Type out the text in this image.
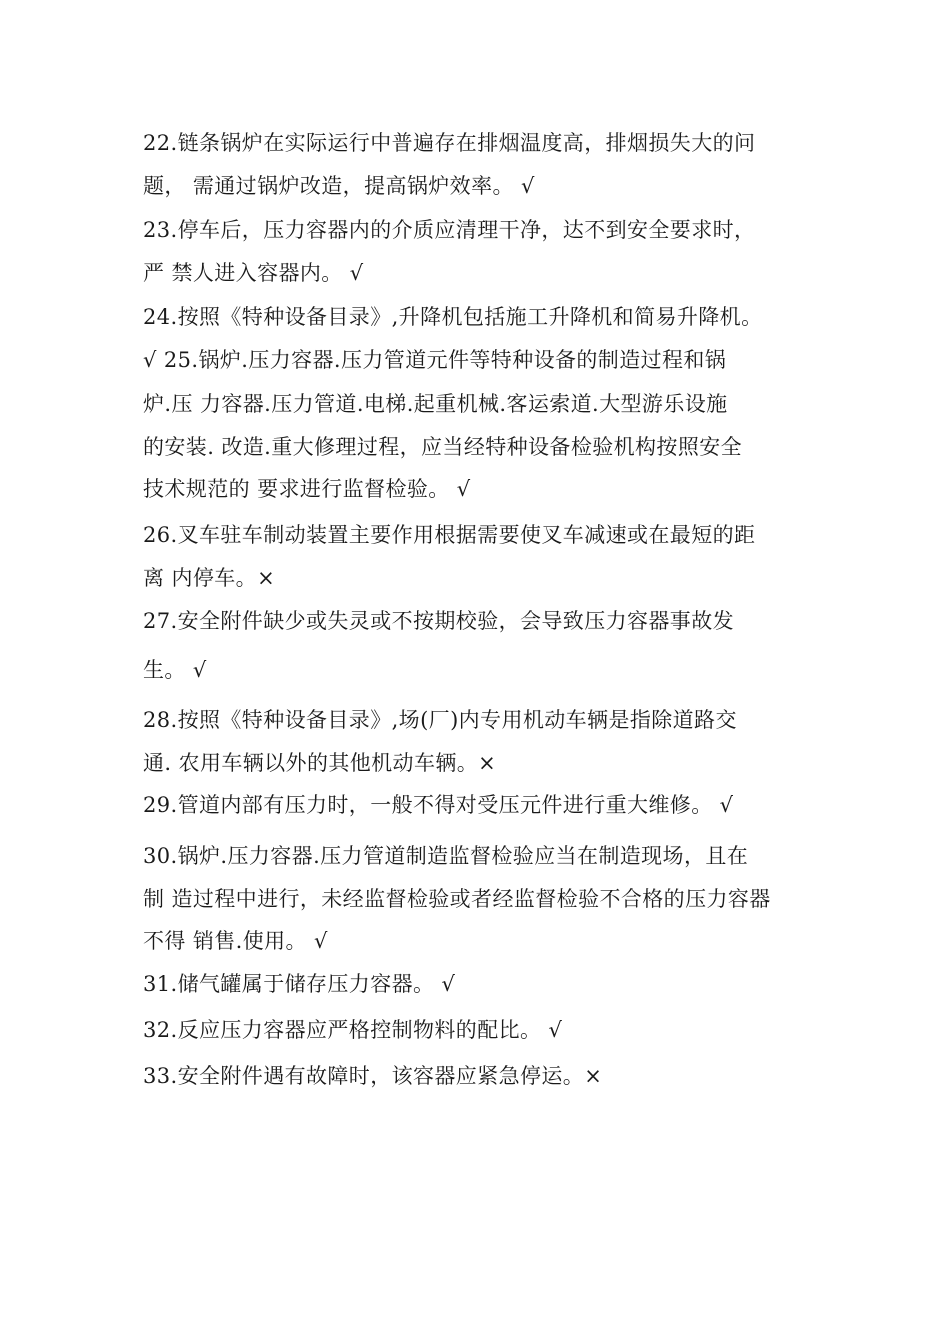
22.链条锅炉在实际运行中普遍存在排烟温度高，排烟损失大的问
题， 需通过锅炉改造，提高锅炉效率。 √
23.停车后，压力容器内的介质应清理干净，达不到安全要求时，
严 禁人进入容器内。 √
24.按照《特种设备目录》,升降机包括施工升降机和简易升降机。
√ 25.锅炉.压力容器.压力管道元件等特种设备的制造过程和锅
炉.压 力容器.压力管道.电梯.起重机械.客运索道.大型游乐设施
的安装. 改造.重大修理过程，应当经特种设备检验机构按照安全
技术规范的 要求进行监督检验。 √
26.叉车驻车制动装置主要作用根据需要使叉车减速或在最短的距
离 内停车。×
27.安全附件缺少或失灵或不按期校验，会导致压力容器事故发
生。 √
28.按照《特种设备目录》,场(厂)内专用机动车辆是指除道路交
通. 农用车辆以外的其他机动车辆。×
29.管道内部有压力时，一般不得对受压元件进行重大维修。 √
30.锅炉.压力容器.压力管道制造监督检验应当在制造现场，且在
制 造过程中进行，未经监督检验或者经监督检验不合格的压力容器
不得 销售.使用。 √
31.储气罐属于储存压力容器。 √
32.反应压力容器应严格控制物料的配比。 √
33.安全附件遇有故障时，该容器应紧急停运。×
